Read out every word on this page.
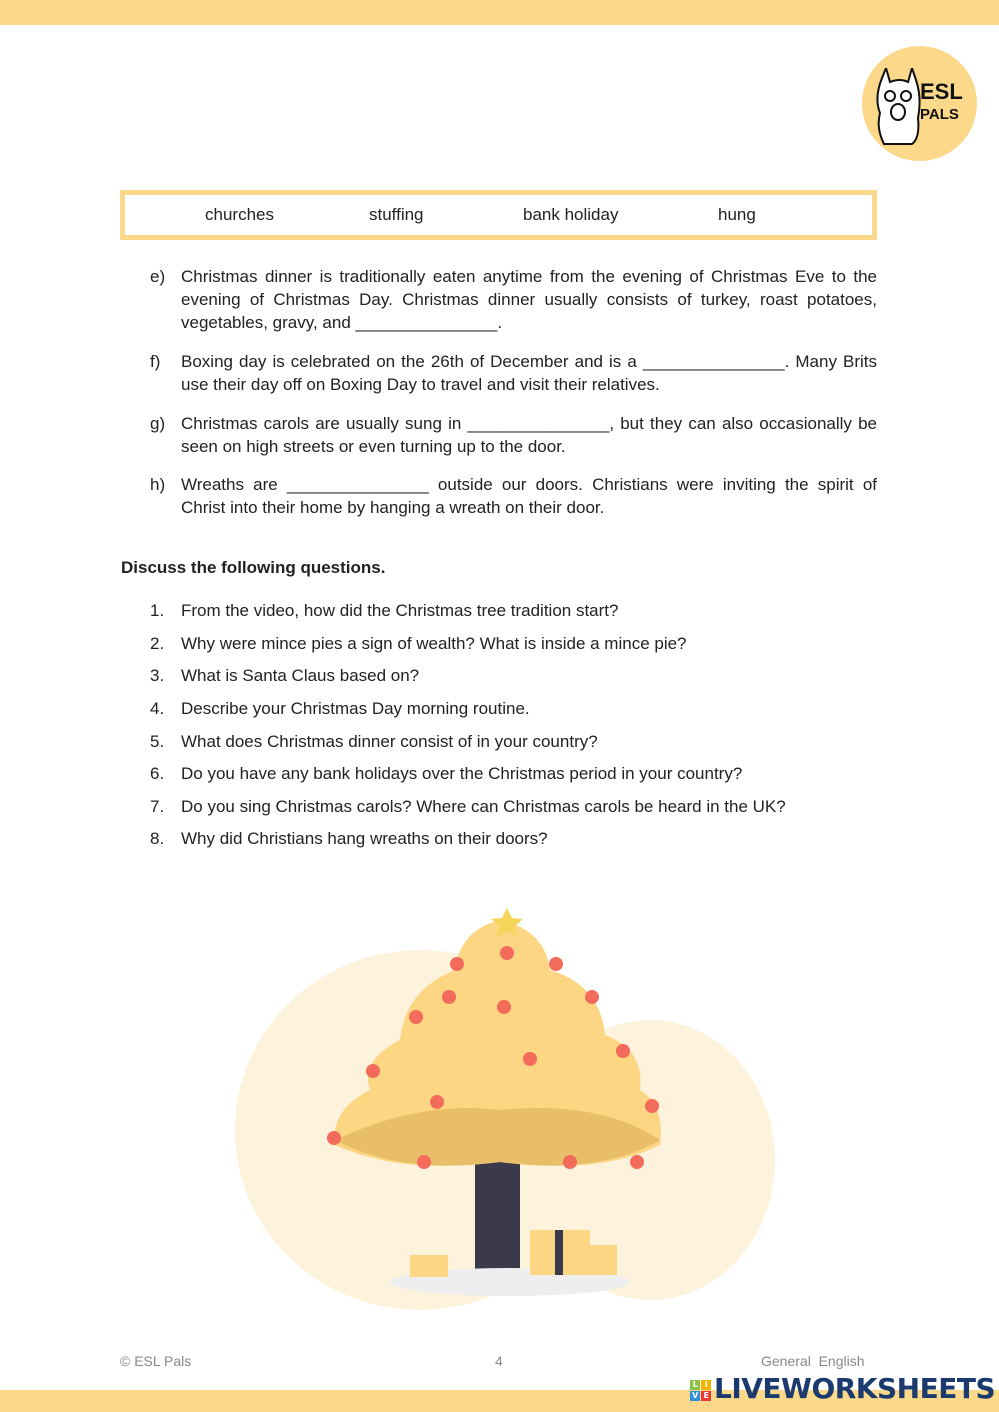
ESL
PALS
churches	stuffing	bank holiday	hung
e) Christmas dinner is traditionally eaten anytime from the evening of Christmas Eve to the evening of Christmas Day. Christmas dinner usually consists of turkey, roast potatoes, vegetables, gravy, and _______________.
f) Boxing day is celebrated on the 26th of December and is a _______________. Many Brits use their day off on Boxing Day to travel and visit their relatives.
g) Christmas carols are usually sung in _______________, but they can also occasionally be seen on high streets or even turning up to the door.
h) Wreaths are _______________ outside our doors. Christians were inviting the spirit of Christ into their home by hanging a wreath on their door.
Discuss the following questions.
1. From the video, how did the Christmas tree tradition start?
2. Why were mince pies a sign of wealth? What is inside a mince pie?
3. What is Santa Claus based on?
4. Describe your Christmas Day morning routine.
5. What does Christmas dinner consist of in your country?
6. Do you have any bank holidays over the Christmas period in your country?
7. Do you sing Christmas carols? Where can Christmas carols be heard in the UK?
8. Why did Christians hang wreaths on their doors?
© ESL Pals	4	General  English
L I
V E LIVEWORKSHEETS
